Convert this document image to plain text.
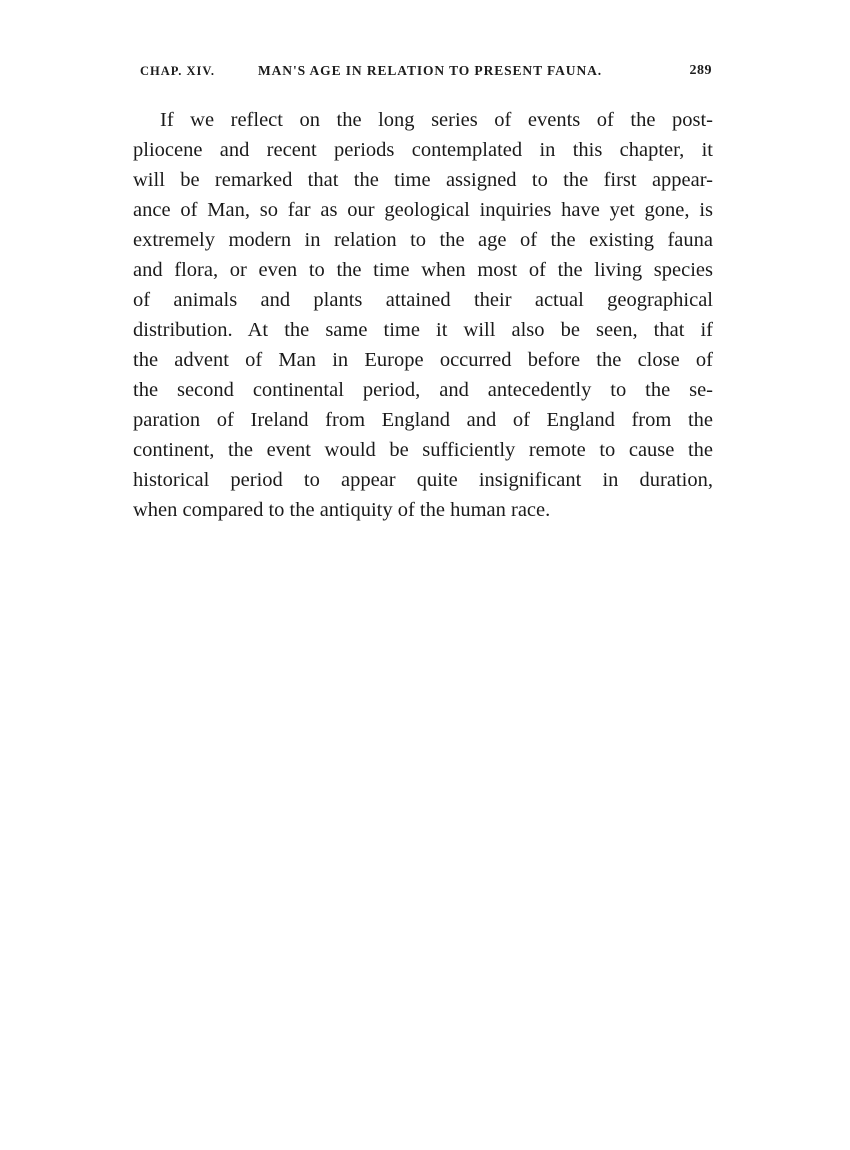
CHAP. XIV.	MAN'S AGE IN RELATION TO PRESENT FAUNA.	289
If we reflect on the long series of events of the post-
pliocene and recent periods contemplated in this chapter, it
will be remarked that the time assigned to the first appear-
ance of Man, so far as our geological inquiries have yet gone, is
extremely modern in relation to the age of the existing fauna
and flora, or even to the time when most of the living species
of animals and plants attained their actual geographical
distribution. At the same time it will also be seen, that if
the advent of Man in Europe occurred before the close of
the second continental period, and antecedently to the se-
paration of Ireland from England and of England from the
continent, the event would be sufficiently remote to cause the
historical period to appear quite insignificant in duration,
when compared to the antiquity of the human race.
